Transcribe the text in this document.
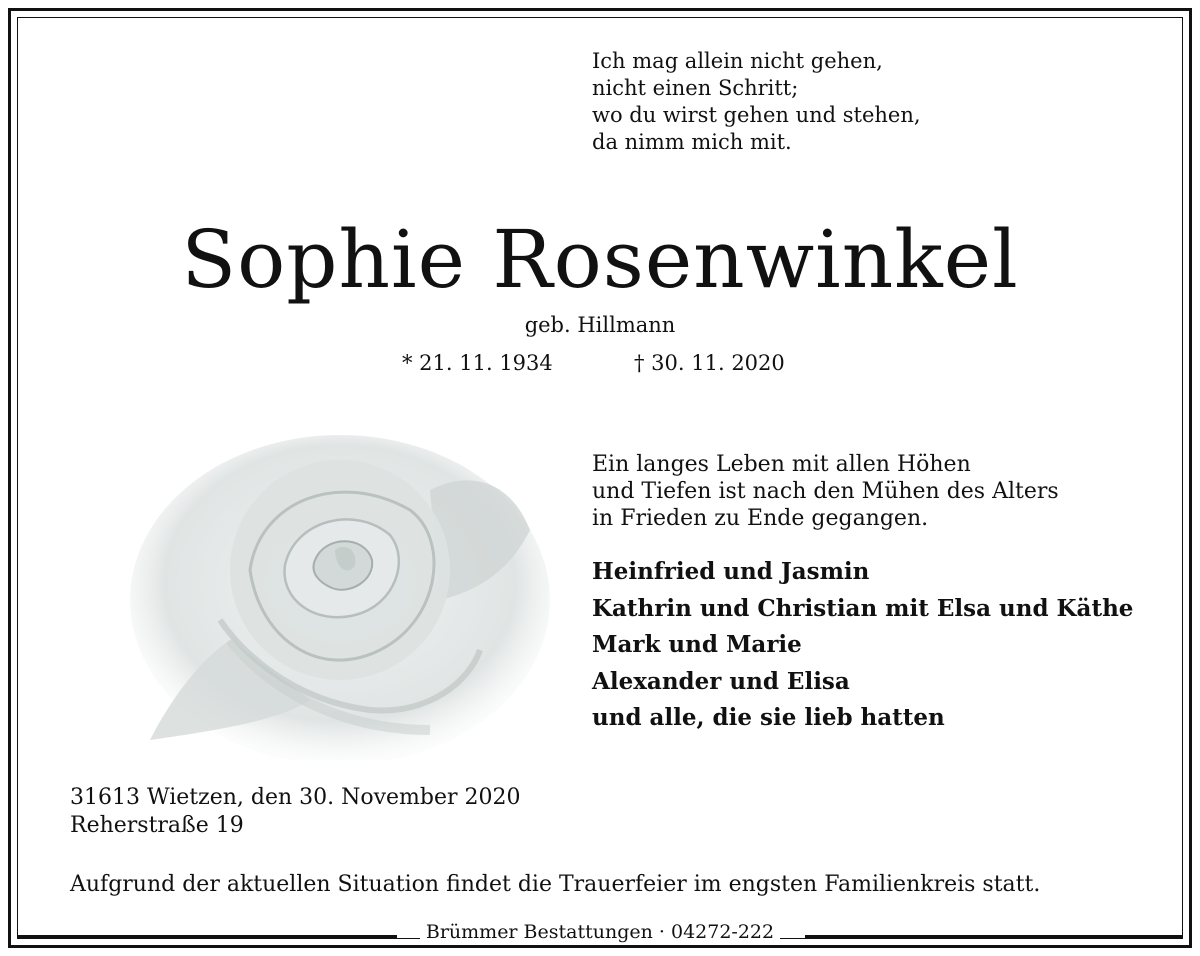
Ich mag allein nicht gehen,
nicht einen Schritt;
wo du wirst gehen und stehen,
da nimm mich mit.
Sophie Rosenwinkel
geb. Hillmann
* 21. 11. 1934	† 30. 11. 2020
Ein langes Leben mit allen Höhen
und Tiefen ist nach den Mühen des Alters
in Frieden zu Ende gegangen.
Heinfried und Jasmin
Kathrin und Christian mit Elsa und Käthe
Mark und Marie
Alexander und Elisa
und alle, die sie lieb hatten
31613 Wietzen, den 30. November 2020
Reherstraße 19
Aufgrund der aktuellen Situation findet die Trauerfeier im engsten Familienkreis statt.
Brümmer Bestattungen · 04272-222
